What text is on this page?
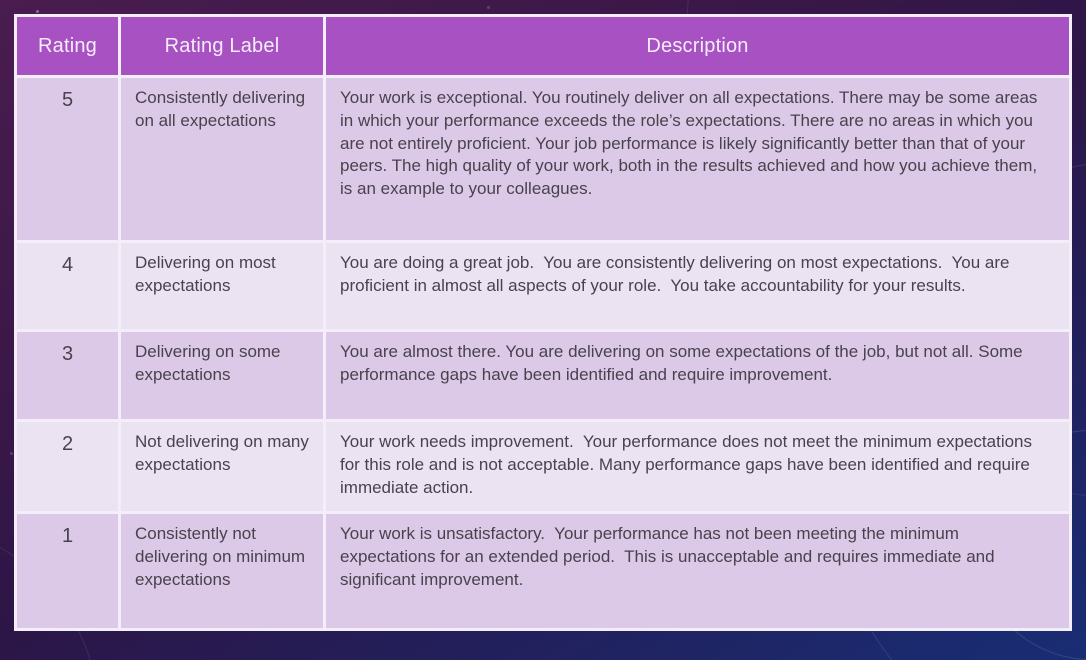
Rating	Rating Label	Description
5	Consistently delivering on all expectations	Your work is exceptional. You routinely deliver on all expectations. There may be some areas in which your performance exceeds the role’s expectations. There are no areas in which you are not entirely proficient. Your job performance is likely significantly better than that of your peers. The high quality of your work, both in the results achieved and how you achieve them, is an example to your colleagues.
4	Delivering on most expectations	You are doing a great job.  You are consistently delivering on most expectations.  You are proficient in almost all aspects of your role.  You take accountability for your results.
3	Delivering on some expectations	You are almost there. You are delivering on some expectations of the job, but not all. Some performance gaps have been identified and require improvement.
2	Not delivering on many expectations	Your work needs improvement.  Your performance does not meet the minimum expectations for this role and is not acceptable. Many performance gaps have been identified and require immediate action.
1	Consistently not delivering on minimum expectations	Your work is unsatisfactory.  Your performance has not been meeting the minimum expectations for an extended period.  This is unacceptable and requires immediate and significant improvement.
